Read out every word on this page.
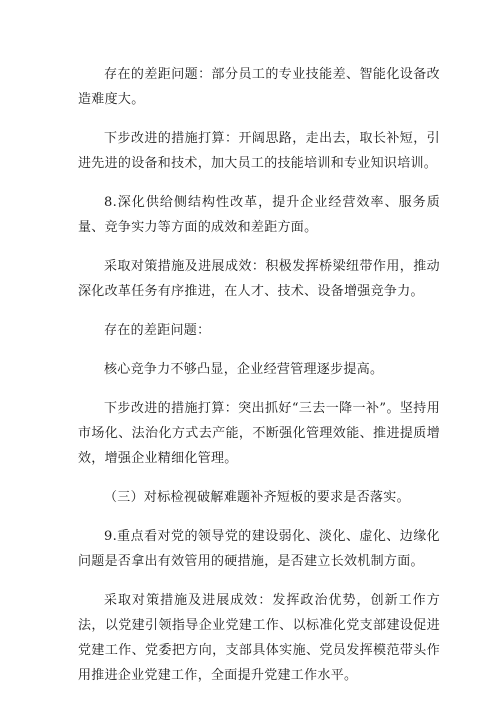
存在的差距问题：部分员工的专业技能差、智能化设备改造难度大。

下步改进的措施打算：开阔思路，走出去，取长补短，引进先进的设备和技术，加大员工的技能培训和专业知识培训。

8.深化供给侧结构性改革，提升企业经营效率、服务质量、竞争实力等方面的成效和差距方面。

采取对策措施及进展成效：积极发挥桥梁纽带作用，推动深化改革任务有序推进，在人才、技术、设备增强竞争力。

存在的差距问题：

核心竞争力不够凸显，企业经营管理逐步提高。

下步改进的措施打算：突出抓好“三去一降一补”。坚持用市场化、法治化方式去产能，不断强化管理效能、推进提质增效，增强企业精细化管理。

（三）对标检视破解难题补齐短板的要求是否落实。

9.重点看对党的领导党的建设弱化、淡化、虚化、边缘化问题是否拿出有效管用的硬措施，是否建立长效机制方面。

采取对策措施及进展成效：发挥政治优势，创新工作方法，以党建引领指导企业党建工作、以标准化党支部建设促进党建工作、党委把方向，支部具体实施、党员发挥模范带头作用推进企业党建工作，全面提升党建工作水平。
